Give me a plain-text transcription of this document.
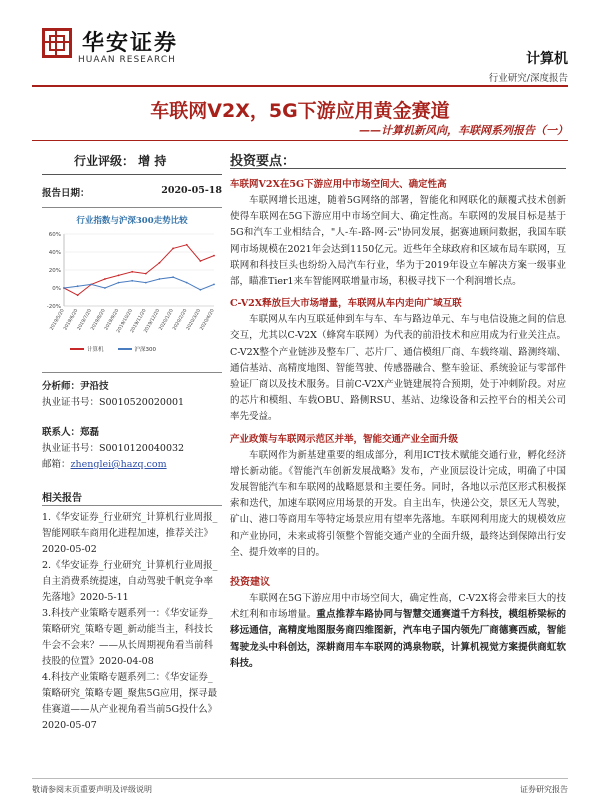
华安证券
HUAAN RESEARCH	计算机
行业研究/深度报告
车联网V2X，5G下游应用黄金赛道
——计算机新风向，车联网系列报告（一）
行业评级： 增 持
报告日期：	2020-05-18
行业指数与沪深300走势比较
-20%
0%
20%
40%
60%
2019/5/20
2019/6/20
2019/7/20
2019/8/20
2019/9/20
2019/10/20
2019/11/20
2019/12/20
2020/1/20
2020/2/20
2020/3/20
2020/4/20
计算机	沪深300
分析师：尹沿技
执业证书号：S0010520020001
联系人：郑磊
执业证书号：S0010120040032
邮箱：zhenglei@hazq.com
相关报告
1.《华安证券_行业研究_计算机行业周报_智能网联车商用化进程加速，推荐关注》2020-05-02
2.《华安证券_行业研究_计算机行业周报_自主消费系统提速，自动驾驶千帆竞争率先落地》2020-5-11
3.科技产业策略专题系列一：《华安证券_策略研究_策略专题_新动能当主，科技长牛会不会来？——从长周期视角看当前科技股的位置》2020-04-08
4.科技产业策略专题系列二：《华安证券_策略研究_策略专题_聚焦5G应用，探寻最佳赛道——从产业视角看当前5G投什么》2020-05-07
投资要点：
车联网V2X在5G下游应用中市场空间大、确定性高
车联网增长迅速，随着5G网络的部署，智能化和网联化的颠覆式技术创新使得车联网在5G下游应用中市场空间大、确定性高。车联网的发展目标是基于5G和汽车工业相结合，"人-车-路-网-云"协同发展，据赛迪顾问数据，我国车联网市场规模在2021年会达到1150亿元。近些年全球政府和区域布局车联网，互联网和科技巨头也纷纷入局汽车行业，华为于2019年设立车解决方案一级事业部，瞄准Tier1来车智能网联增量市场，积极寻找下一个利润增长点。
C-V2X释放巨大市场增量，车联网从车内走向广域互联
车联网从车内互联延伸到车与车、车与路边单元、车与电信设施之间的信息交互，尤其以C-V2X（蜂窝车联网）为代表的前沿技术和应用成为行业关注点。C-V2X整个产业链涉及整车厂、芯片厂、通信模组厂商、车载终端、路测终端、通信基站、高精度地图、智能驾驶、传感器融合、整车验证、系统验证与零部件验证厂商以及技术服务。目前C-V2X产业链建展符合预期，处于冲刺阶段。对应的芯片和模组、车载OBU、路侧RSU、基站、边缘设备和云控平台的相关公司率先受益。
产业政策与车联网示范区并举，智能交通产业全面升级
车联网作为新基建重要的组成部分，利用ICT技术赋能交通行业，孵化经济增长新动能。《智能汽车创新发展战略》发布，产业顶层设计完成，明确了中国发展智能汽车和车联网的战略愿景和主要任务。同时，各地以示范区形式积极探索和迭代，加速车联网应用场景的开发。自主出车，快递公交，景区无人驾驶，矿山、港口等商用车等特定场景应用有望率先落地。车联网利用庞大的规模效应和产业协同，未来或将引领整个智能交通产业的全面升级，最终达到保障出行安全、提升效率的目的。
投资建议
车联网在5G下游应用中市场空间大，确定性高，C-V2X将会带来巨大的技术红利和市场增量。重点推荐车路协同与智慧交通赛道千方科技，模组桥梁标的移远通信，高精度地图服务商四维图新，汽车电子国内领先厂商德赛西威，智能驾驶龙头中科创达，深耕商用车车联网的鸿泉物联，计算机视觉方案提供商虹软科技。
敬请参阅末页重要声明及评级说明	证券研究报告
